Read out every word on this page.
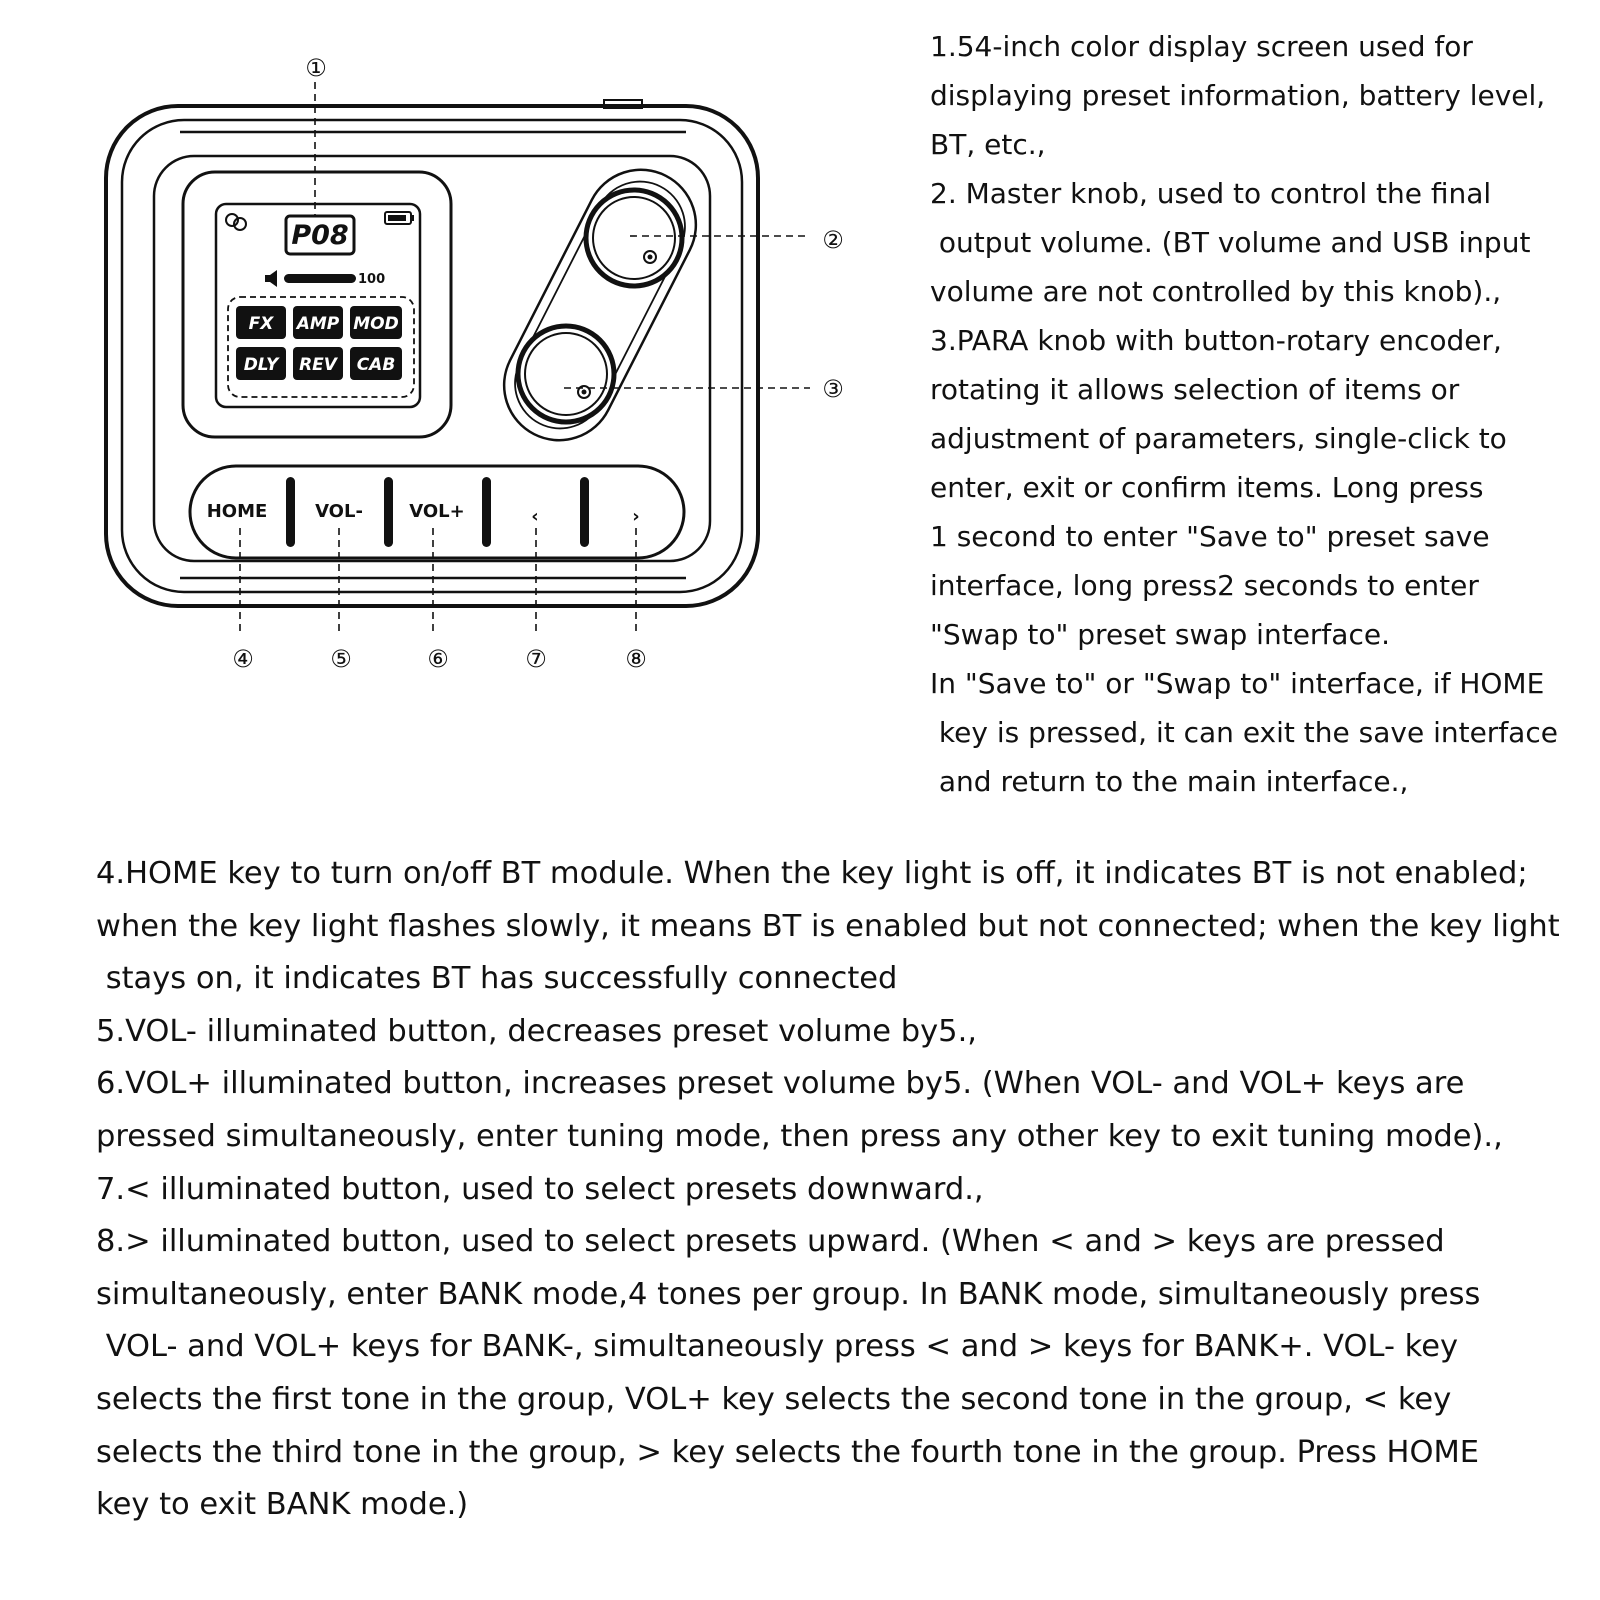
P08
100
FX AMP MOD
DLY REV CAB
HOME	VOL-	VOL+	‹	›
①
②
③
④	⑤	⑥	⑦	⑧

1.54-inch color display screen used for

displaying preset information, battery level,

BT, etc.,

2. Master knob, used to control the final

output volume. (BT volume and USB input

volume are not controlled by this knob).,

3.PARA knob with button-rotary encoder,

rotating it allows selection of items or

adjustment of parameters, single-click to

enter, exit or confirm items. Long press

1 second to enter "Save to" preset save

interface, long press2 seconds to enter

"Swap to" preset swap interface.

In "Save to" or "Swap to" interface, if HOME

key is pressed, it can exit the save interface

and return to the main interface.,

4.HOME key to turn on/off BT module. When the key light is off, it indicates BT is not enabled;

when the key light flashes slowly, it means BT is enabled but not connected; when the key light

stays on, it indicates BT has successfully connected

5.VOL- illuminated button, decreases preset volume by5.,

6.VOL+ illuminated button, increases preset volume by5. (When VOL- and VOL+ keys are

pressed simultaneously, enter tuning mode, then press any other key to exit tuning mode).,

7.< illuminated button, used to select presets downward.,

8.> illuminated button, used to select presets upward. (When < and > keys are pressed

simultaneously, enter BANK mode,4 tones per group. In BANK mode, simultaneously press

VOL- and VOL+ keys for BANK-, simultaneously press < and > keys for BANK+. VOL- key

selects the first tone in the group, VOL+ key selects the second tone in the group, < key

selects the third tone in the group, > key selects the fourth tone in the group. Press HOME

key to exit BANK mode.)
